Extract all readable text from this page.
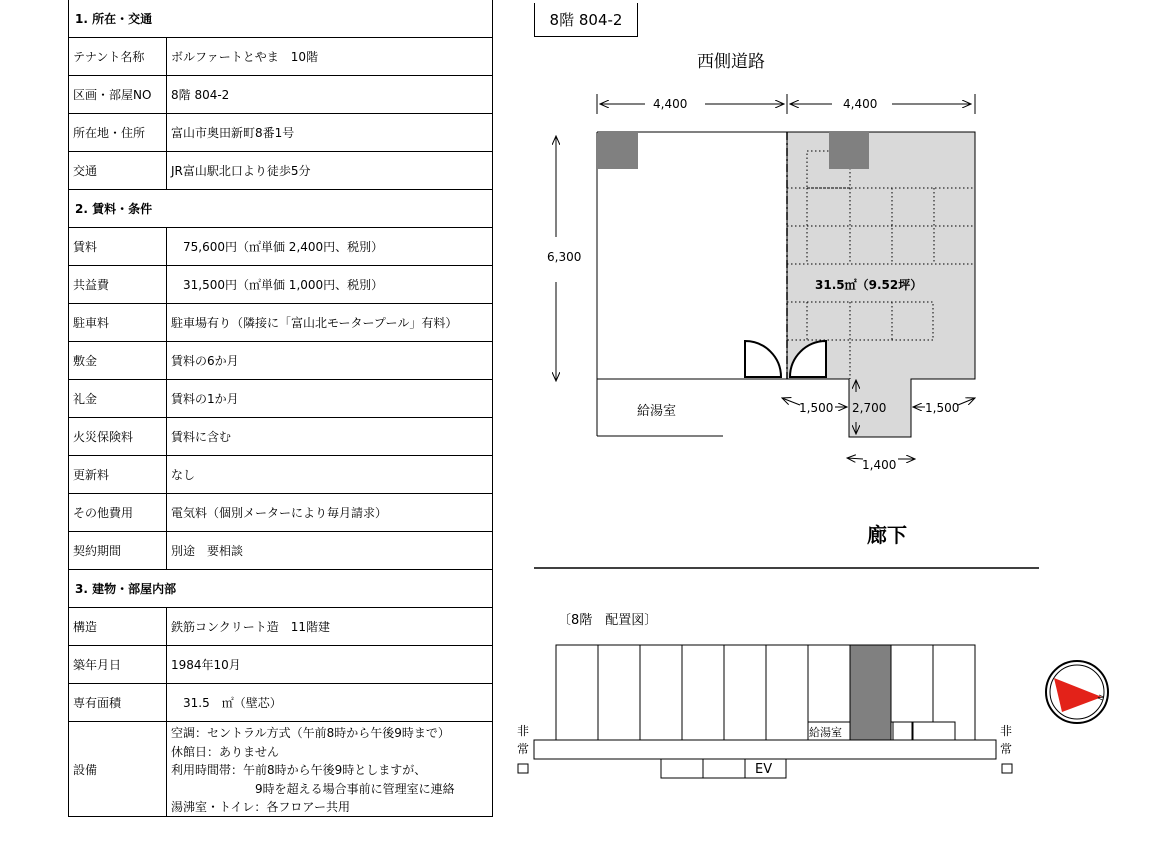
1. 所在・交通
テナント名称	ボルファートとやま　10階
区画・部屋NO	8階 804-2
所在地・住所	富山市奥田新町8番1号
交通	JR富山駅北口より徒歩5分
2. 賃料・条件
賃料	　75,600円（㎡単価 2,400円、税別）
共益費	　31,500円（㎡単価 1,000円、税別）
駐車料	駐車場有り（隣接に「富山北モータープール」有料）
敷金	賃料の6か月
礼金	賃料の1か月
火災保険料	賃料に含む
更新料	なし
その他費用	電気料（個別メーターにより毎月請求）
契約期間	別途　要相談
3. 建物・部屋内部
構造	鉄筋コンクリート造　11階建
築年月日	1984年10月
専有面積	　31.5　㎡（壁芯）
設備
空調：セントラル方式（午前8時から午後9時まで）
休館日：ありません
利用時間帯：午前8時から午後9時としますが、
　　　　　　　9時を超える場合事前に管理室に連絡
湯沸室・トイレ：各フロアー共用
8階 804-2
N
西側道路
4,400	4,400
6,300
31.5㎡（9.52坪）
給湯室	1,500 2,700	1,500
1,400
廊下
〔8階　配置図〕
給湯室
非常
非常
EV
